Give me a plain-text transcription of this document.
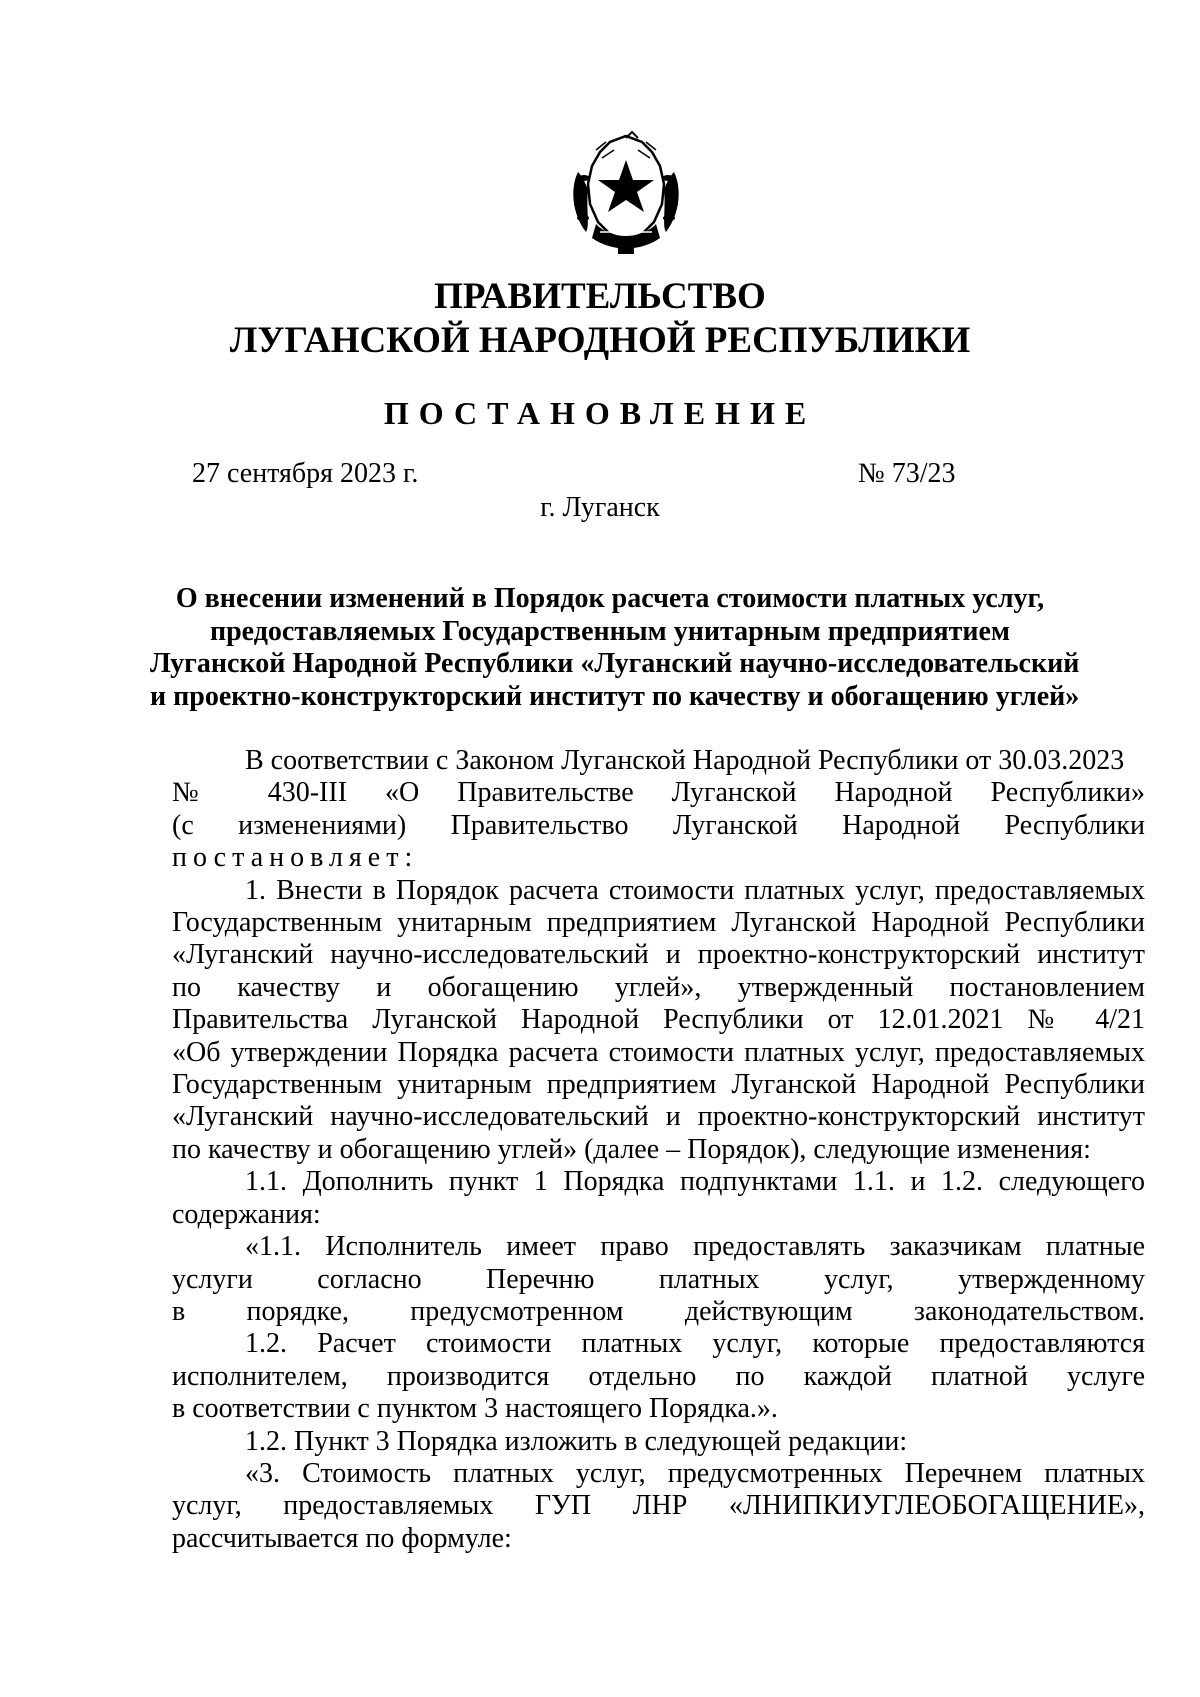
ПРАВИТЕЛЬСТВО
ЛУГАНСКОЙ НАРОДНОЙ РЕСПУБЛИКИ
ПОСТАНОВЛЕНИЕ
27 сентября 2023 г.	№ 73/23
г. Луганск
О внесении изменений в Порядок расчета стоимости платных услуг,
предоставляемых Государственным унитарным предприятием
Луганской Народной Республики «Луганский научно-исследовательский
и проектно-конструкторский институт по качеству и обогащению углей»
В соответствии с Законом Луганской Народной Республики от 30.03.2023
№ 430-III «О Правительстве Луганской Народной Республики»
(с изменениями) Правительство Луганской Народной Республики
постановляет:
1. Внести в Порядок расчета стоимости платных услуг, предоставляемых
Государственным унитарным предприятием Луганской Народной Республики
«Луганский научно-исследовательский и проектно-конструкторский институт
по качеству и обогащению углей», утвержденный постановлением
Правительства Луганской Народной Республики от 12.01.2021 № 4/21
«Об утверждении Порядка расчета стоимости платных услуг, предоставляемых
Государственным унитарным предприятием Луганской Народной Республики
«Луганский научно-исследовательский и проектно-конструкторский институт
по качеству и обогащению углей» (далее – Порядок), следующие изменения:
1.1. Дополнить пункт 1 Порядка подпунктами 1.1. и 1.2. следующего
содержания:
«1.1. Исполнитель имеет право предоставлять заказчикам платные
услуги согласно Перечню платных услуг, утвержденному
в порядке, предусмотренном действующим законодательством.
1.2. Расчет стоимости платных услуг, которые предоставляются
исполнителем, производится отдельно по каждой платной услуге
в соответствии с пунктом 3 настоящего Порядка.».
1.2. Пункт 3 Порядка изложить в следующей редакции:
«3. Стоимость платных услуг, предусмотренных Перечнем платных
услуг, предоставляемых ГУП ЛНР «ЛНИПКИУГЛЕОБОГАЩЕНИЕ»,
рассчитывается по формуле:
